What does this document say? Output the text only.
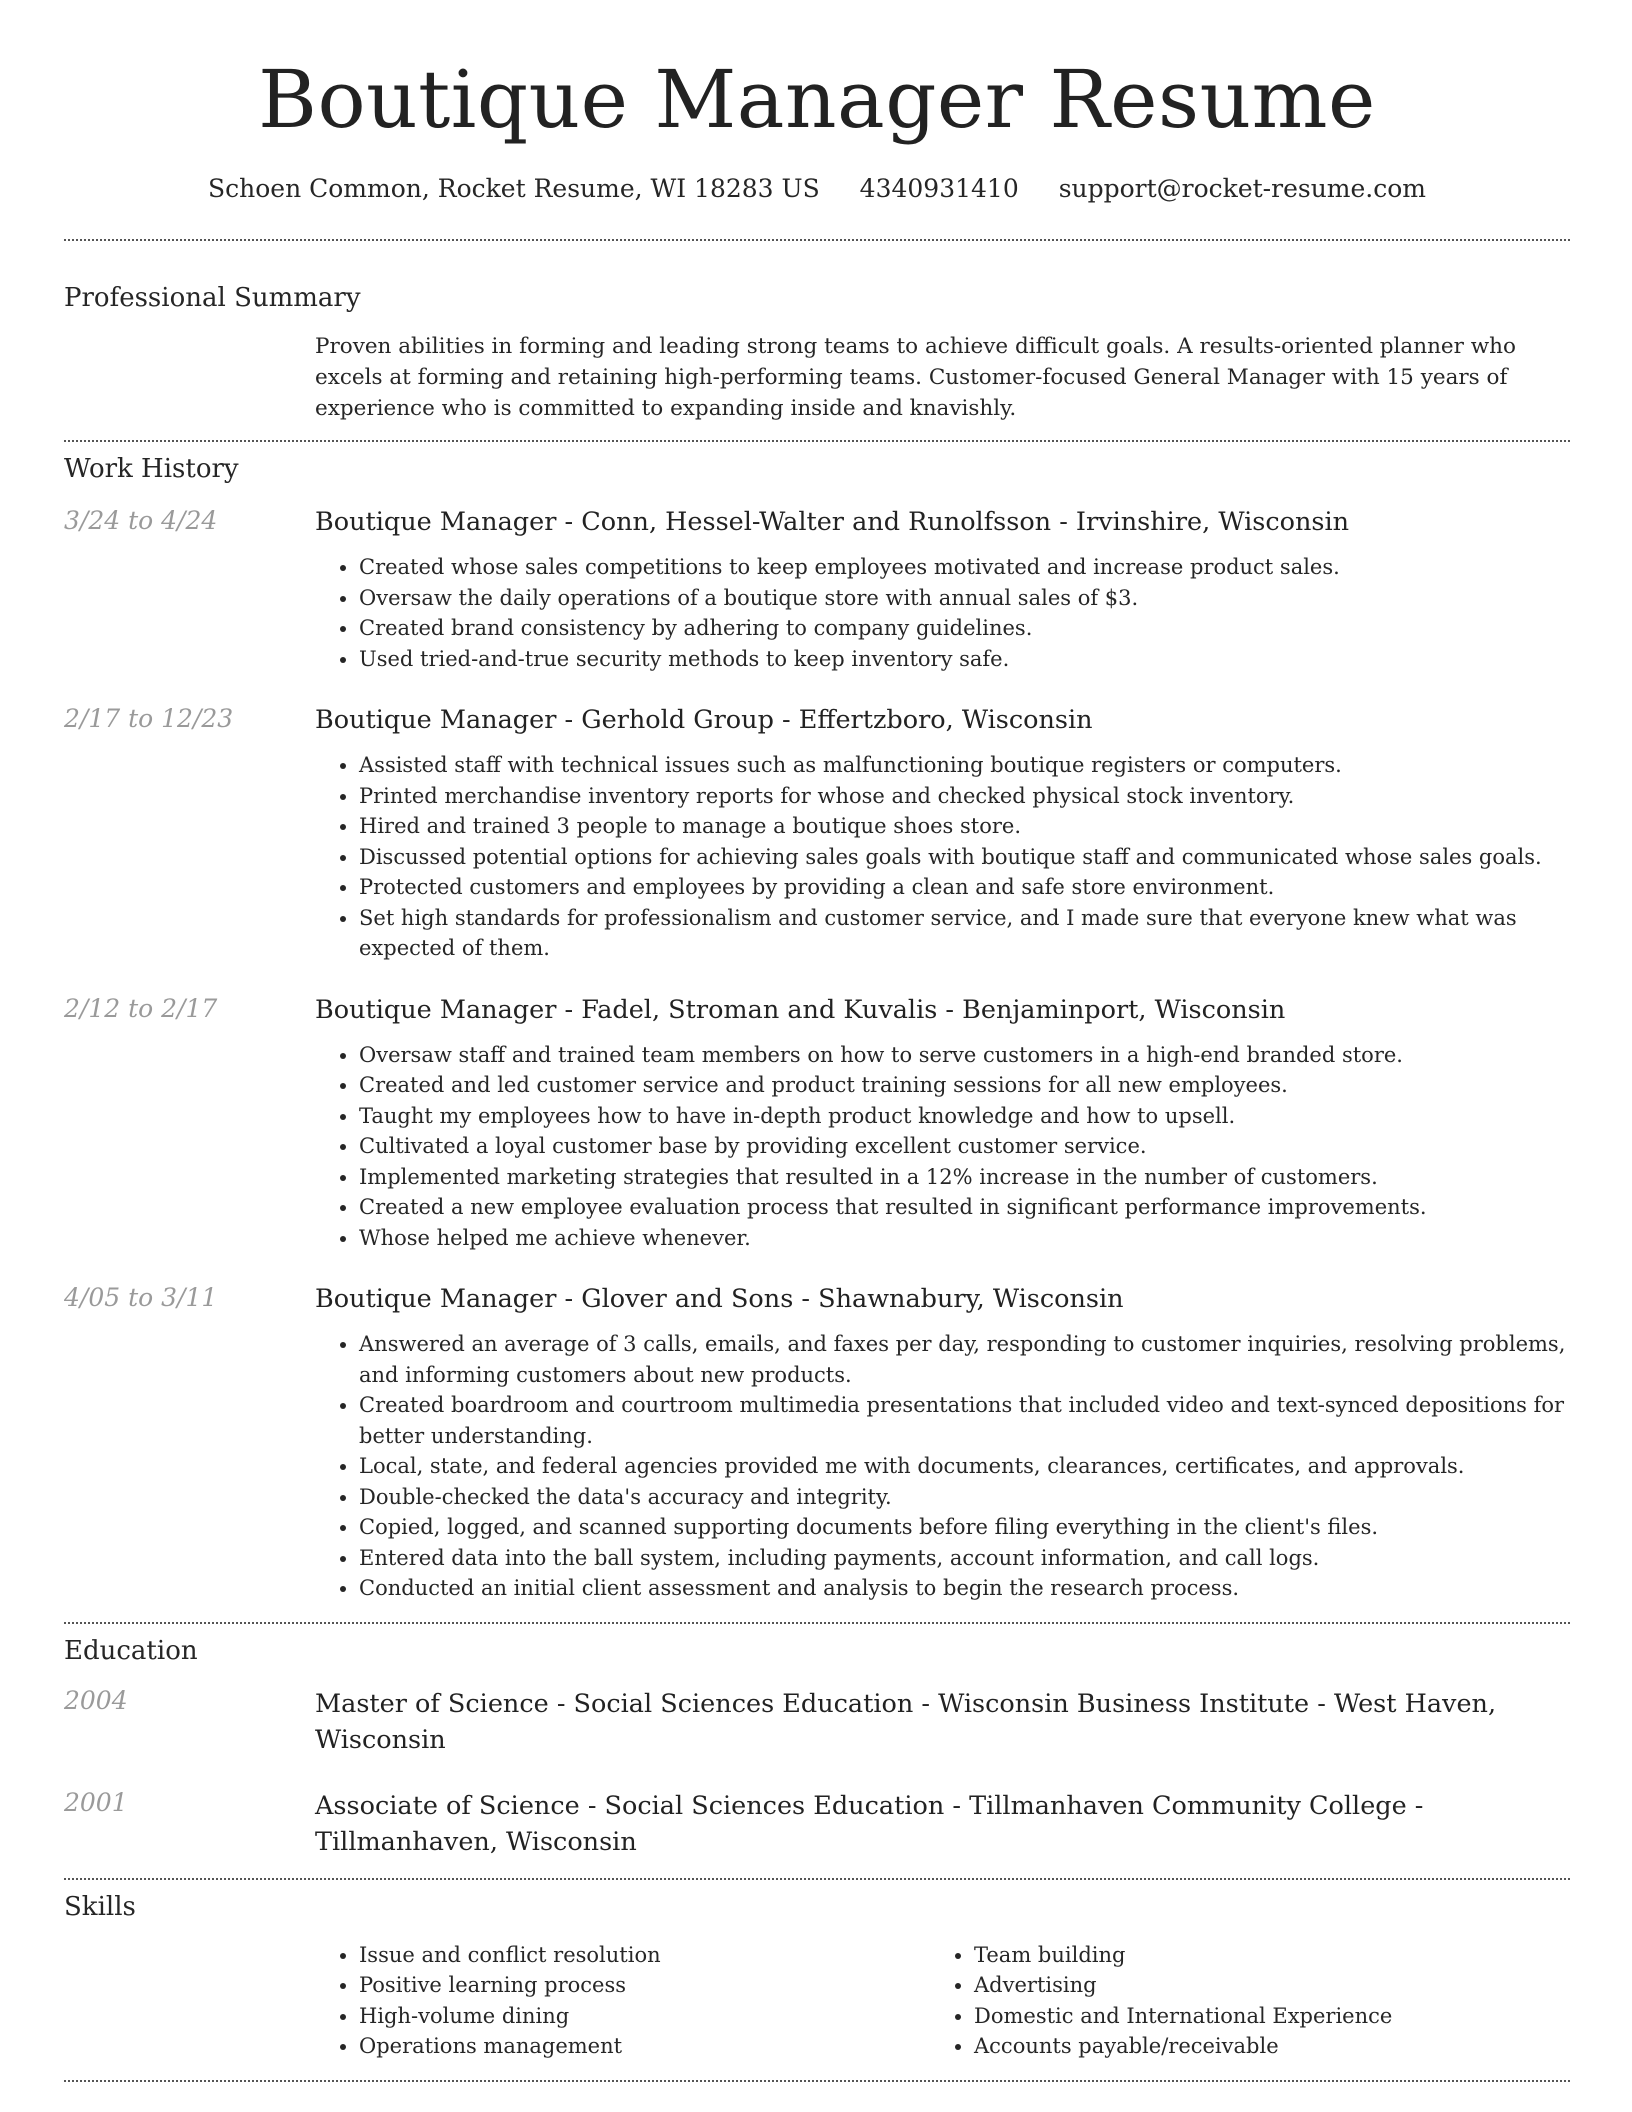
Boutique Manager Resume
Schoen Common, Rocket Resume, WI 18283 US 4340931410 support@rocket-resume.com
Professional Summary

Proven abilities in forming and leading strong teams to achieve difficult goals. A results-oriented planner who excels at forming and retaining high-performing teams. Customer-focused General Manager with 15 years of experience who is committed to expanding inside and knavishly.

Work History
3/24 to 4/24	Boutique Manager - Conn, Hessel-Walter and Runolfsson - Irvinshire, Wisconsin
• Created whose sales competitions to keep employees motivated and increase product sales.
• Oversaw the daily operations of a boutique store with annual sales of $3.
• Created brand consistency by adhering to company guidelines.
• Used tried-and-true security methods to keep inventory safe.
2/17 to 12/23	Boutique Manager - Gerhold Group - Effertzboro, Wisconsin
• Assisted staff with technical issues such as malfunctioning boutique registers or computers.
• Printed merchandise inventory reports for whose and checked physical stock inventory.
• Hired and trained 3 people to manage a boutique shoes store.
• Discussed potential options for achieving sales goals with boutique staff and communicated whose sales goals.
• Protected customers and employees by providing a clean and safe store environment.
• Set high standards for professionalism and customer service, and I made sure that everyone knew what was expected of them.
2/12 to 2/17	Boutique Manager - Fadel, Stroman and Kuvalis - Benjaminport, Wisconsin
• Oversaw staff and trained team members on how to serve customers in a high-end branded store.
• Created and led customer service and product training sessions for all new employees.
• Taught my employees how to have in-depth product knowledge and how to upsell.
• Cultivated a loyal customer base by providing excellent customer service.
• Implemented marketing strategies that resulted in a 12% increase in the number of customers.
• Created a new employee evaluation process that resulted in significant performance improvements.
• Whose helped me achieve whenever.
4/05 to 3/11	Boutique Manager - Glover and Sons - Shawnabury, Wisconsin
• Answered an average of 3 calls, emails, and faxes per day, responding to customer inquiries, resolving problems, and informing customers about new products.
• Created boardroom and courtroom multimedia presentations that included video and text-synced depositions for better understanding.
• Local, state, and federal agencies provided me with documents, clearances, certificates, and approvals.
• Double-checked the data's accuracy and integrity.
• Copied, logged, and scanned supporting documents before filing everything in the client's files.
• Entered data into the ball system, including payments, account information, and call logs.
• Conducted an initial client assessment and analysis to begin the research process.
Education
2004	Master of Science - Social Sciences Education - Wisconsin Business Institute - West Haven, Wisconsin
2001	Associate of Science - Social Sciences Education - Tillmanhaven Community College - Tillmanhaven, Wisconsin
Skills
• Issue and conflict resolution
• Positive learning process
• High-volume dining
• Operations management
• Team building
• Advertising
• Domestic and International Experience
• Accounts payable/receivable
